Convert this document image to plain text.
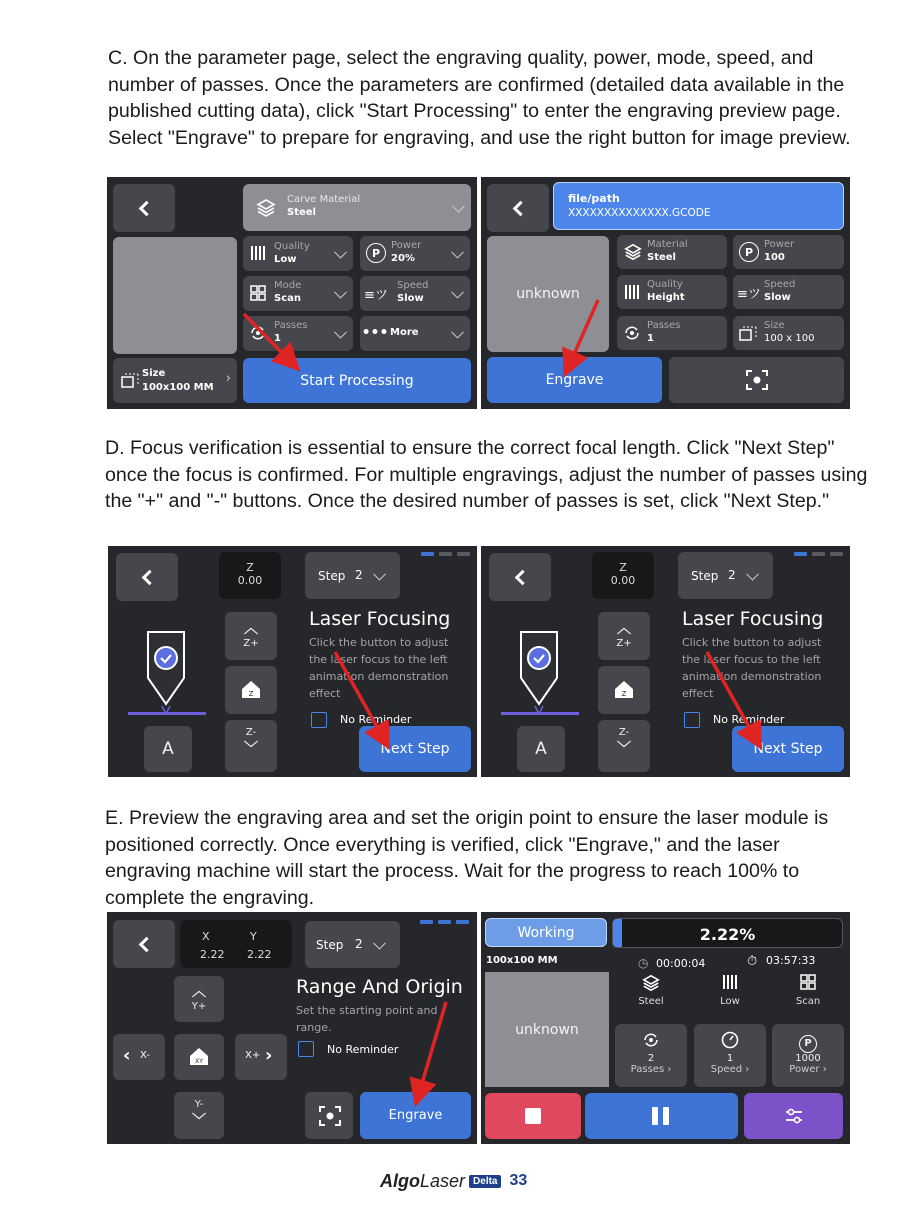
C. On the parameter page, select the engraving quality, power, mode, speed, and number of passes. Once the parameters are confirmed (detailed data available in the published cutting data), click "Start Processing" to enter the engraving preview page. Select "Engrave" to prepare for engraving, and use the right button for image preview.
Carve Material
Steel
Quality
Low	P
Power
20%
Mode
Scan	≡ツ
Speed
Slow
Passes
1	••• More
Size
100x100 MM
›	Start Processing
file/path
XXXXXXXXXXXXXX.GCODE
unknown
Material
Steel	P
Power
100
Quality
Height	≡ツ
Speed
Slow
Passes
1
Size
100 x 100
Engrave
D. Focus verification is essential to ensure the correct focal length. Click "Next Step" once the focus is confirmed. For multiple engravings, adjust the number of passes using the "+" and "-" buttons. Once the desired number of passes is set, click "Next Step."
Z
0.00	Step 2
︿
Z+
Z
Z-
﹀
A
Laser Focusing
Click the button to adjust the laser focus to the left animation demonstration effect
No Reminder
Next Step
Z
0.00	Step 2
︿
Z+
Z
Z-
﹀
A
Laser Focusing
Click the button to adjust the laser focus to the left animation demonstration effect
No Reminder
Next Step
E. Preview the engraving area and set the origin point to ensure the laser module is positioned correctly. Once everything is verified, click "Engrave," and the laser engraving machine will start the process. Wait for the progress to reach 100% to complete the engraving.
X	Y
2.22 2.22
Step 2
︿
Y+
‹ X-
XY
X+ ›
Y-
﹀
Range And Origin
Set the starting point and range.
No Reminder
Engrave
Working	2.22%
100x100 MM	◷ 00:00:04	⏱ 03:57:33
unknown
Steel	Low	Scan
2
Passes ›
1
Speed ›
P
1000
Power ›
AlgoLaser Delta 33
